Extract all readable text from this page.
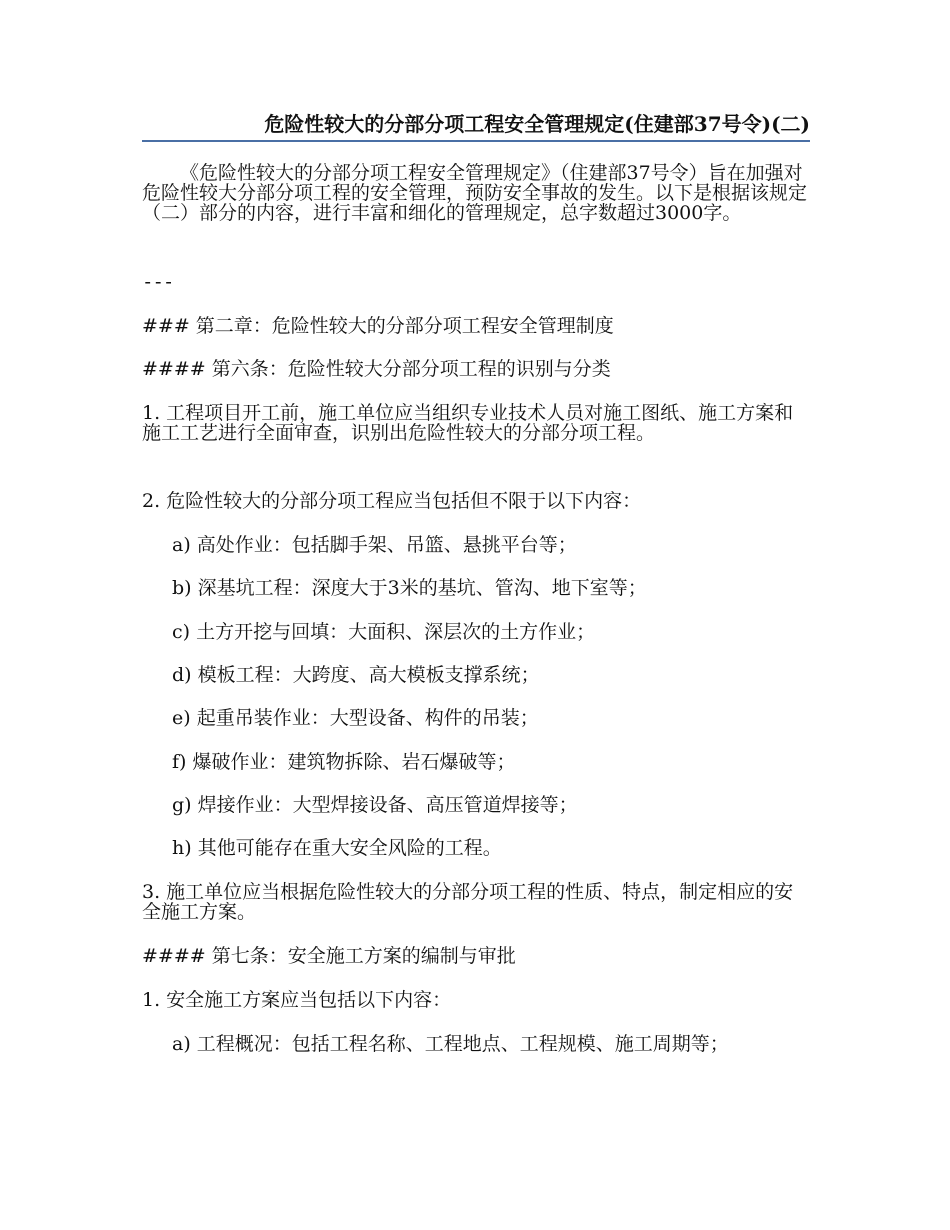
危险性较大的分部分项工程安全管理规定(住建部37号令)(二)

《危险性较大的分部分项工程安全管理规定》（住建部37号令）旨在加强对危险性较大分部分项工程的安全管理，预防安全事故的发生。以下是根据该规定（二）部分的内容，进行丰富和细化的管理规定，总字数超过3000字。

---

### 第二章：危险性较大的分部分项工程安全管理制度

#### 第六条：危险性较大分部分项工程的识别与分类

1. 工程项目开工前，施工单位应当组织专业技术人员对施工图纸、施工方案和施工工艺进行全面审查，识别出危险性较大的分部分项工程。

2. 危险性较大的分部分项工程应当包括但不限于以下内容：

a) 高处作业：包括脚手架、吊篮、悬挑平台等；

b) 深基坑工程：深度大于3米的基坑、管沟、地下室等；

c) 土方开挖与回填：大面积、深层次的土方作业；

d) 模板工程：大跨度、高大模板支撑系统；

e) 起重吊装作业：大型设备、构件的吊装；

f) 爆破作业：建筑物拆除、岩石爆破等；

g) 焊接作业：大型焊接设备、高压管道焊接等；

h) 其他可能存在重大安全风险的工程。

3. 施工单位应当根据危险性较大的分部分项工程的性质、特点，制定相应的安全施工方案。

#### 第七条：安全施工方案的编制与审批

1. 安全施工方案应当包括以下内容：

a) 工程概况：包括工程名称、工程地点、工程规模、施工周期等；
